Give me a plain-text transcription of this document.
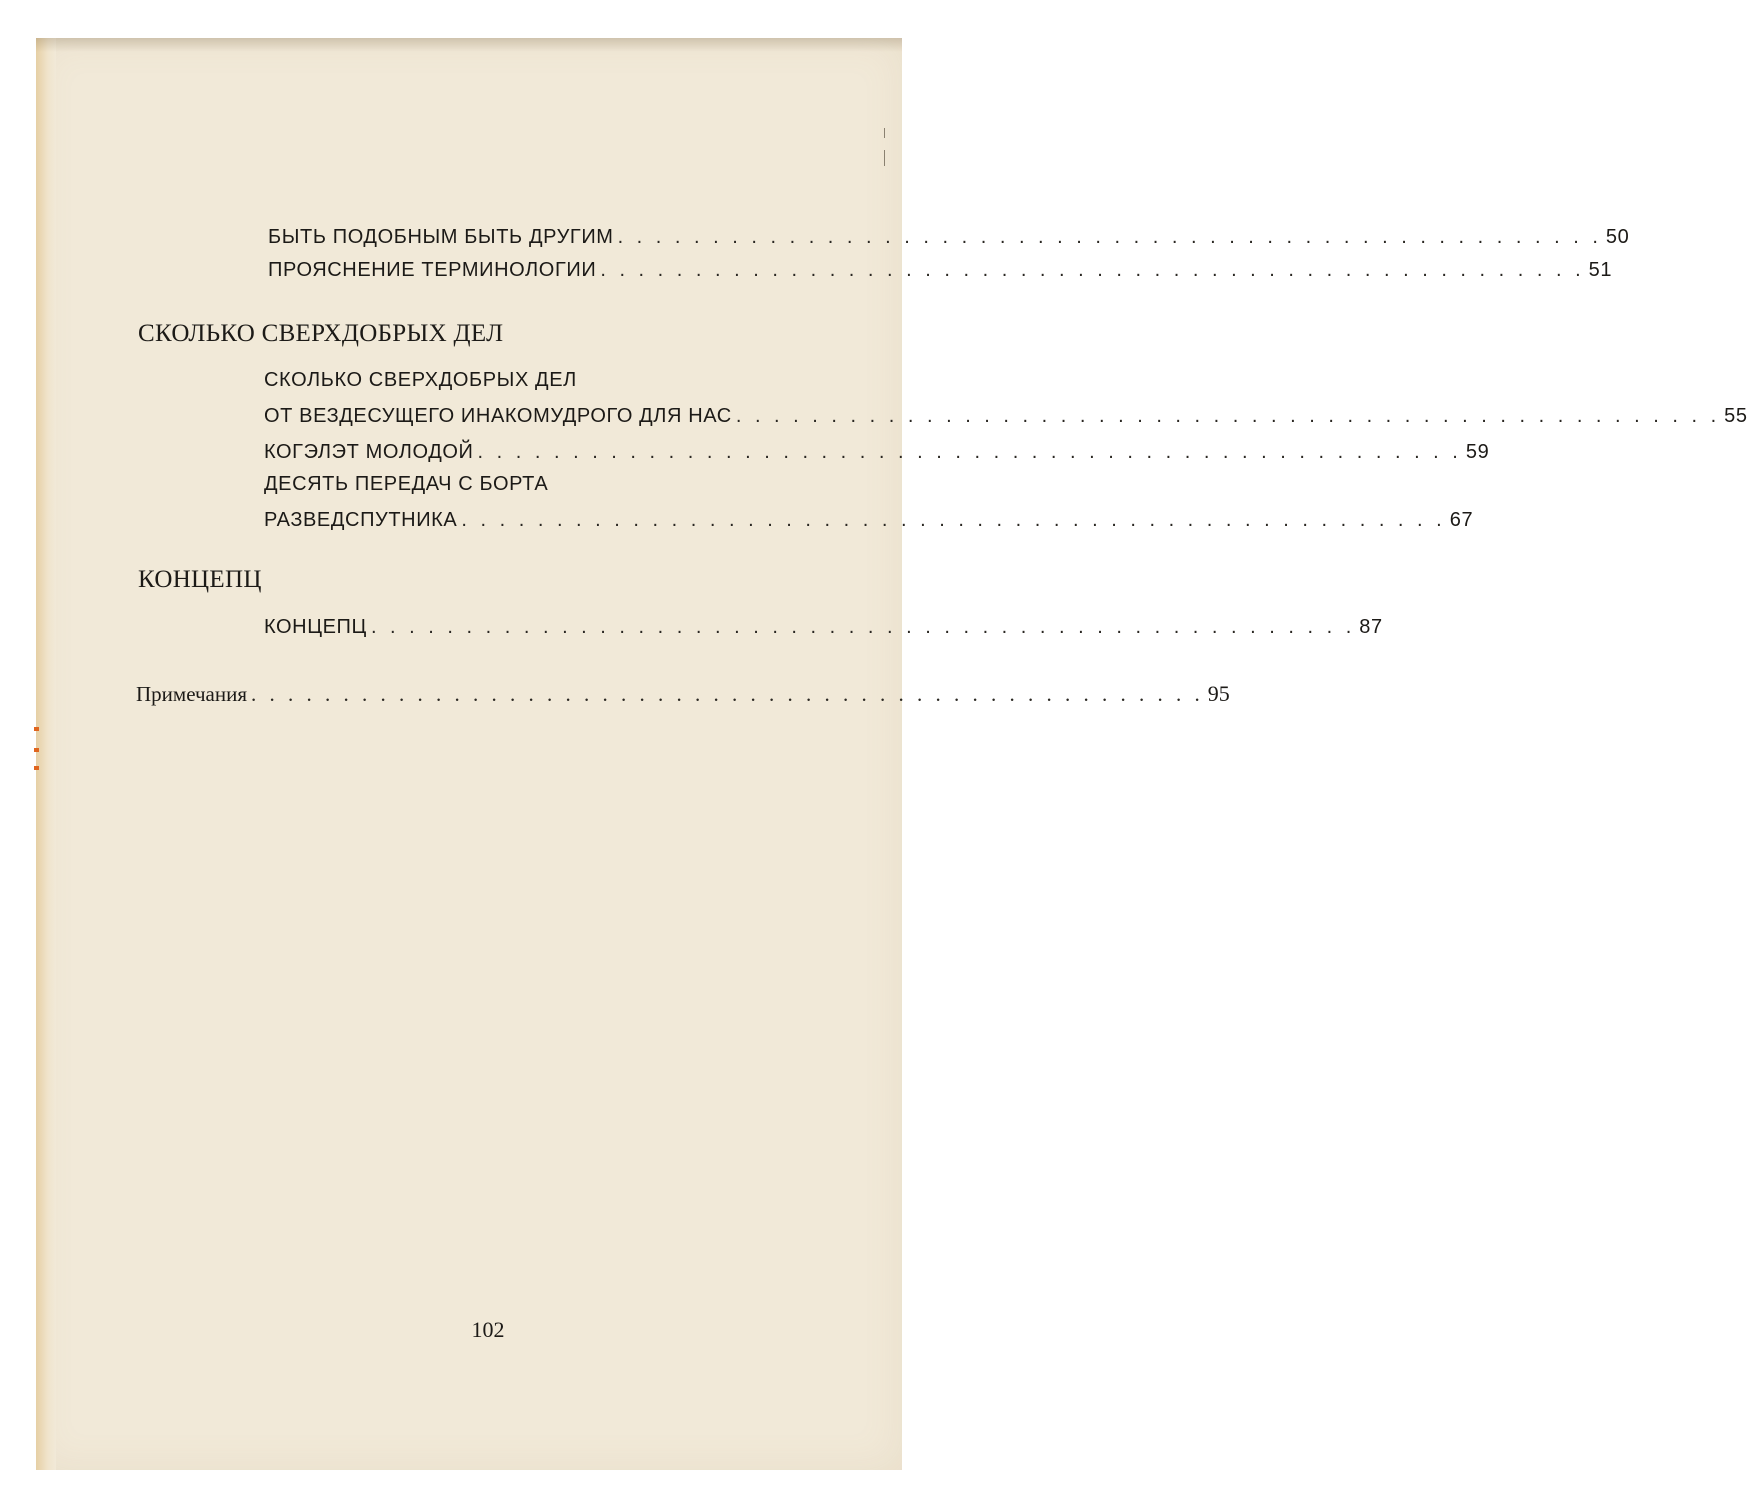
БЫТЬ ПОДОБНЫМ БЫТЬ ДРУГИМ . . . . . . . . . . . . . . . . . . . . . . . . . . . . . . . . . . . . . . . . . . . . . . . . . . . . 50
ПРОЯСНЕНИЕ ТЕРМИНОЛОГИИ . . . . . . . . . . . . . . . . . . . . . . . . . . . . . . . . . . . . . . . . . . . . . . . . . . . . 51
СКОЛЬКО СВЕРХДОБРЫХ ДЕЛ
СКОЛЬКО СВЕРХДОБРЫХ ДЕЛ
ОТ ВЕЗДЕСУЩЕГО ИНАКОМУДРОГО ДЛЯ НАС . . . . . . . . . . . . . . . . . . . . . . . . . . . . . . . . . . . . . . . . . . . . . . . . . . . . 55
КОГЭЛЭТ МОЛОДОЙ . . . . . . . . . . . . . . . . . . . . . . . . . . . . . . . . . . . . . . . . . . . . . . . . . . . . 59
ДЕСЯТЬ ПЕРЕДАЧ С БОРТА
РАЗВЕДСПУТНИКА . . . . . . . . . . . . . . . . . . . . . . . . . . . . . . . . . . . . . . . . . . . . . . . . . . . . 67
КОНЦЕПЦ
КОНЦЕПЦ . . . . . . . . . . . . . . . . . . . . . . . . . . . . . . . . . . . . . . . . . . . . . . . . . . . . 87
Примечания . . . . . . . . . . . . . . . . . . . . . . . . . . . . . . . . . . . . . . . . . . . . . . . . . . . . 95
102
